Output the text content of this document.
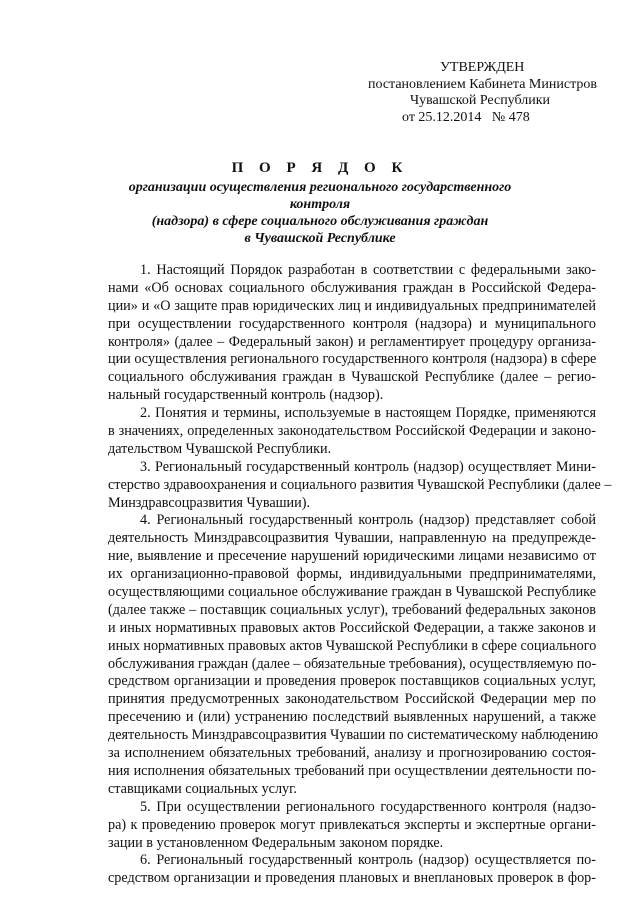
УТВЕРЖДЕН
постановлением Кабинета Министров
Чувашской Республики
от 25.12.2014   № 478
П О Р Я Д О К
организации осуществления регионального государственного контроля
(надзора) в сфере социального обслуживания граждан
в Чувашской Республике
1. Настоящий Порядок разработан в соответствии с федеральными зако-
нами «Об основах социального обслуживания граждан в Российской Федера-
ции» и «О защите прав юридических лиц и индивидуальных предпринимателей
при осуществлении государственного контроля (надзора) и муниципального
контроля» (далее – Федеральный закон) и регламентирует процедуру организа-
ции осуществления регионального государственного контроля (надзора) в сфере
социального обслуживания граждан в Чувашской Республике (далее – регио-
нальный государственный контроль (надзор).
2. Понятия и термины, используемые в настоящем Порядке, применяются
в значениях, определенных законодательством Российской Федерации и законо-
дательством Чувашской Республики.
3. Региональный государственный контроль (надзор) осуществляет Мини-
стерство здравоохранения и социального развития Чувашской Республики (далее –
Минздравсоцразвития Чувашии).
4. Региональный государственный контроль (надзор) представляет собой
деятельность Минздравсоцразвития Чувашии, направленную на предупрежде-
ние, выявление и пресечение нарушений юридическими лицами независимо от
их организационно-правовой формы, индивидуальными предпринимателями,
осуществляющими социальное обслуживание граждан в Чувашской Республике
(далее также – поставщик социальных услуг), требований федеральных законов
и иных нормативных правовых актов Российской Федерации, а также законов и
иных нормативных правовых актов Чувашской Республики в сфере социального
обслуживания граждан (далее – обязательные требования), осуществляемую по-
средством организации и проведения проверок поставщиков социальных услуг,
принятия предусмотренных законодательством Российской Федерации мер по
пресечению и (или) устранению последствий выявленных нарушений, а также
деятельность Минздравсоцразвития Чувашии по систематическому наблюдению
за исполнением обязательных требований, анализу и прогнозированию состоя-
ния исполнения обязательных требований при осуществлении деятельности по-
ставщиками социальных услуг.
5. При осуществлении регионального государственного контроля (надзо-
ра) к проведению проверок могут привлекаться эксперты и экспертные органи-
зации в установленном Федеральным законом порядке.
6. Региональный государственный контроль (надзор) осуществляется по-
средством организации и проведения плановых и внеплановых проверок в фор-
